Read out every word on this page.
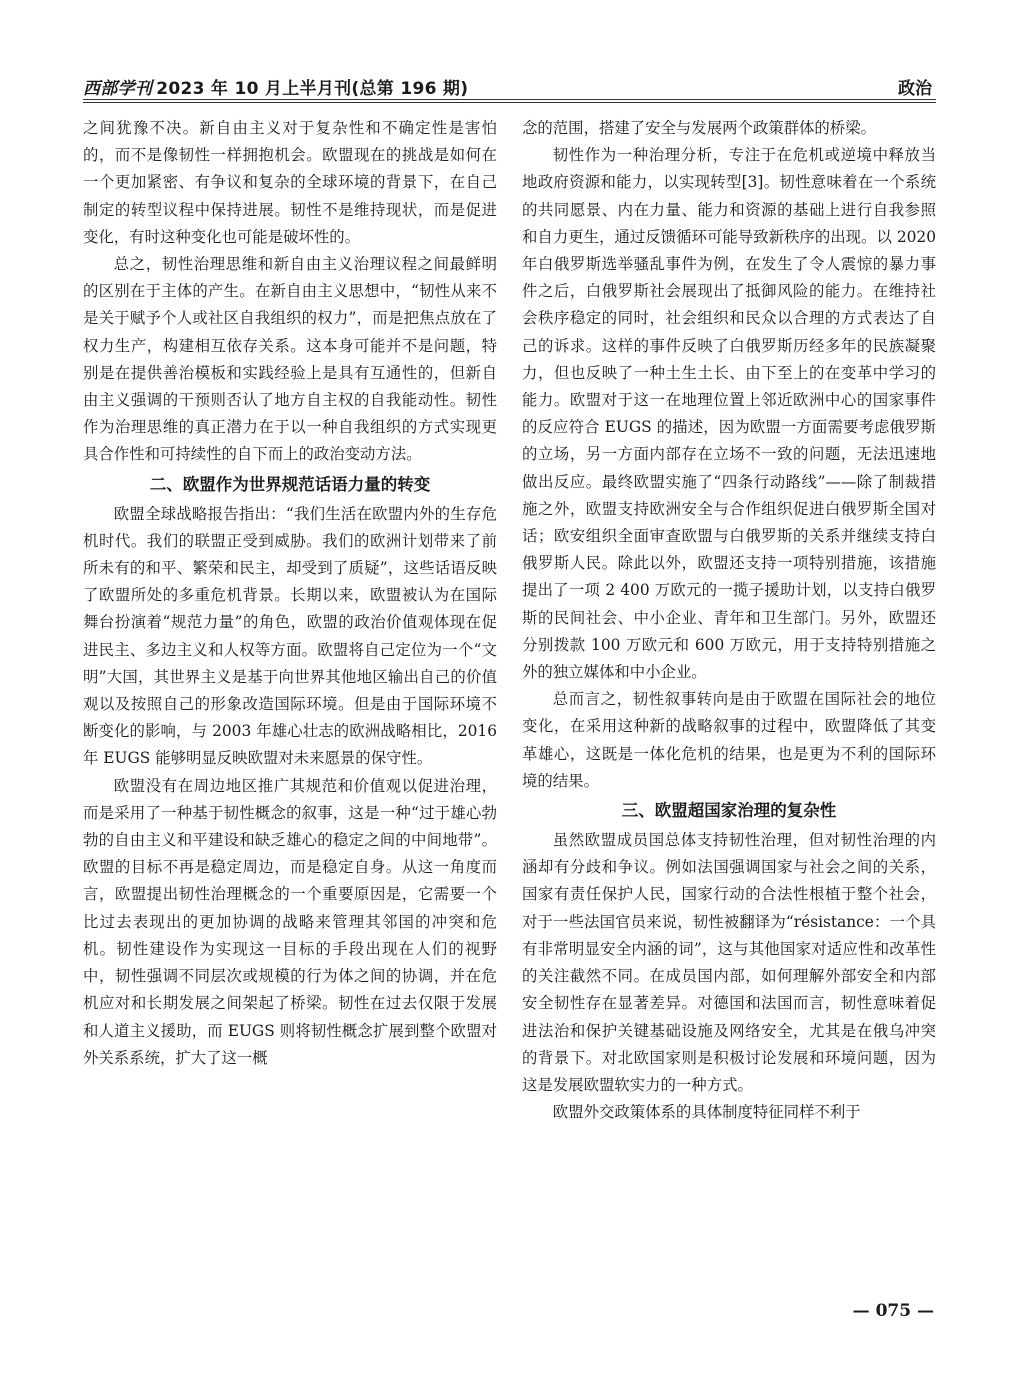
西部学刊 2023 年 10 月上半月刊(总第 196 期)	政治

之间犹豫不决。新自由主义对于复杂性和不确定性是害怕的，而不是像韧性一样拥抱机会。欧盟现在的挑战是如何在一个更加紧密、有争议和复杂的全球环境的背景下，在自己制定的转型议程中保持进展。韧性不是维持现状，而是促进变化，有时这种变化也可能是破坏性的。

总之，韧性治理思维和新自由主义治理议程之间最鲜明的区别在于主体的产生。在新自由主义思想中，“韧性从来不是关于赋予个人或社区自我组织的权力”，而是把焦点放在了权力生产，构建相互依存关系。这本身可能并不是问题，特别是在提供善治模板和实践经验上是具有互通性的，但新自由主义强调的干预则否认了地方自主权的自我能动性。韧性作为治理思维的真正潜力在于以一种自我组织的方式实现更具合作性和可持续性的自下而上的政治变动方法。

二、欧盟作为世界规范话语力量的转变

欧盟全球战略报告指出：“我们生活在欧盟内外的生存危机时代。我们的联盟正受到威胁。我们的欧洲计划带来了前所未有的和平、繁荣和民主，却受到了质疑”，这些话语反映了欧盟所处的多重危机背景。长期以来，欧盟被认为在国际舞台扮演着“规范力量”的角色，欧盟的政治价值观体现在促进民主、多边主义和人权等方面。欧盟将自己定位为一个“文明”大国，其世界主义是基于向世界其他地区输出自己的价值观以及按照自己的形象改造国际环境。但是由于国际环境不断变化的影响，与 2003 年雄心壮志的欧洲战略相比，2016 年 EUGS 能够明显反映欧盟对未来愿景的保守性。

欧盟没有在周边地区推广其规范和价值观以促进治理，而是采用了一种基于韧性概念的叙事，这是一种“过于雄心勃勃的自由主义和平建设和缺乏雄心的稳定之间的中间地带”。欧盟的目标不再是稳定周边，而是稳定自身。从这一角度而言，欧盟提出韧性治理概念的一个重要原因是，它需要一个比过去表现出的更加协调的战略来管理其邻国的冲突和危机。韧性建设作为实现这一目标的手段出现在人们的视野中，韧性强调不同层次或规模的行为体之间的协调，并在危机应对和长期发展之间架起了桥梁。韧性在过去仅限于发展和人道主义援助，而 EUGS 则将韧性概念扩展到整个欧盟对外关系系统，扩大了这一概

念的范围，搭建了安全与发展两个政策群体的桥梁。

韧性作为一种治理分析，专注于在危机或逆境中释放当地政府资源和能力，以实现转型[3]。韧性意味着在一个系统的共同愿景、内在力量、能力和资源的基础上进行自我参照和自力更生，通过反馈循环可能导致新秩序的出现。以 2020 年白俄罗斯选举骚乱事件为例，在发生了令人震惊的暴力事件之后，白俄罗斯社会展现出了抵御风险的能力。在维持社会秩序稳定的同时，社会组织和民众以合理的方式表达了自己的诉求。这样的事件反映了白俄罗斯历经多年的民族凝聚力，但也反映了一种土生土长、由下至上的在变革中学习的能力。欧盟对于这一在地理位置上邻近欧洲中心的国家事件的反应符合 EUGS 的描述，因为欧盟一方面需要考虑俄罗斯的立场，另一方面内部存在立场不一致的问题，无法迅速地做出反应。最终欧盟实施了“四条行动路线”——除了制裁措施之外，欧盟支持欧洲安全与合作组织促进白俄罗斯全国对话；欧安组织全面审查欧盟与白俄罗斯的关系并继续支持白俄罗斯人民。除此以外，欧盟还支持一项特别措施，该措施提出了一项 2 400 万欧元的一揽子援助计划，以支持白俄罗斯的民间社会、中小企业、青年和卫生部门。另外，欧盟还分别拨款 100 万欧元和 600 万欧元，用于支持特别措施之外的独立媒体和中小企业。

总而言之，韧性叙事转向是由于欧盟在国际社会的地位变化，在采用这种新的战略叙事的过程中，欧盟降低了其变革雄心，这既是一体化危机的结果，也是更为不利的国际环境的结果。

三、欧盟超国家治理的复杂性

虽然欧盟成员国总体支持韧性治理，但对韧性治理的内涵却有分歧和争议。例如法国强调国家与社会之间的关系，国家有责任保护人民，国家行动的合法性根植于整个社会，对于一些法国官员来说，韧性被翻译为“résistance：一个具有非常明显安全内涵的词”，这与其他国家对适应性和改革性的关注截然不同。在成员国内部，如何理解外部安全和内部安全韧性存在显著差异。对德国和法国而言，韧性意味着促进法治和保护关键基础设施及网络安全，尤其是在俄乌冲突的背景下。对北欧国家则是积极讨论发展和环境问题，因为这是发展欧盟软实力的一种方式。

欧盟外交政策体系的具体制度特征同样不利于

— 075 —
